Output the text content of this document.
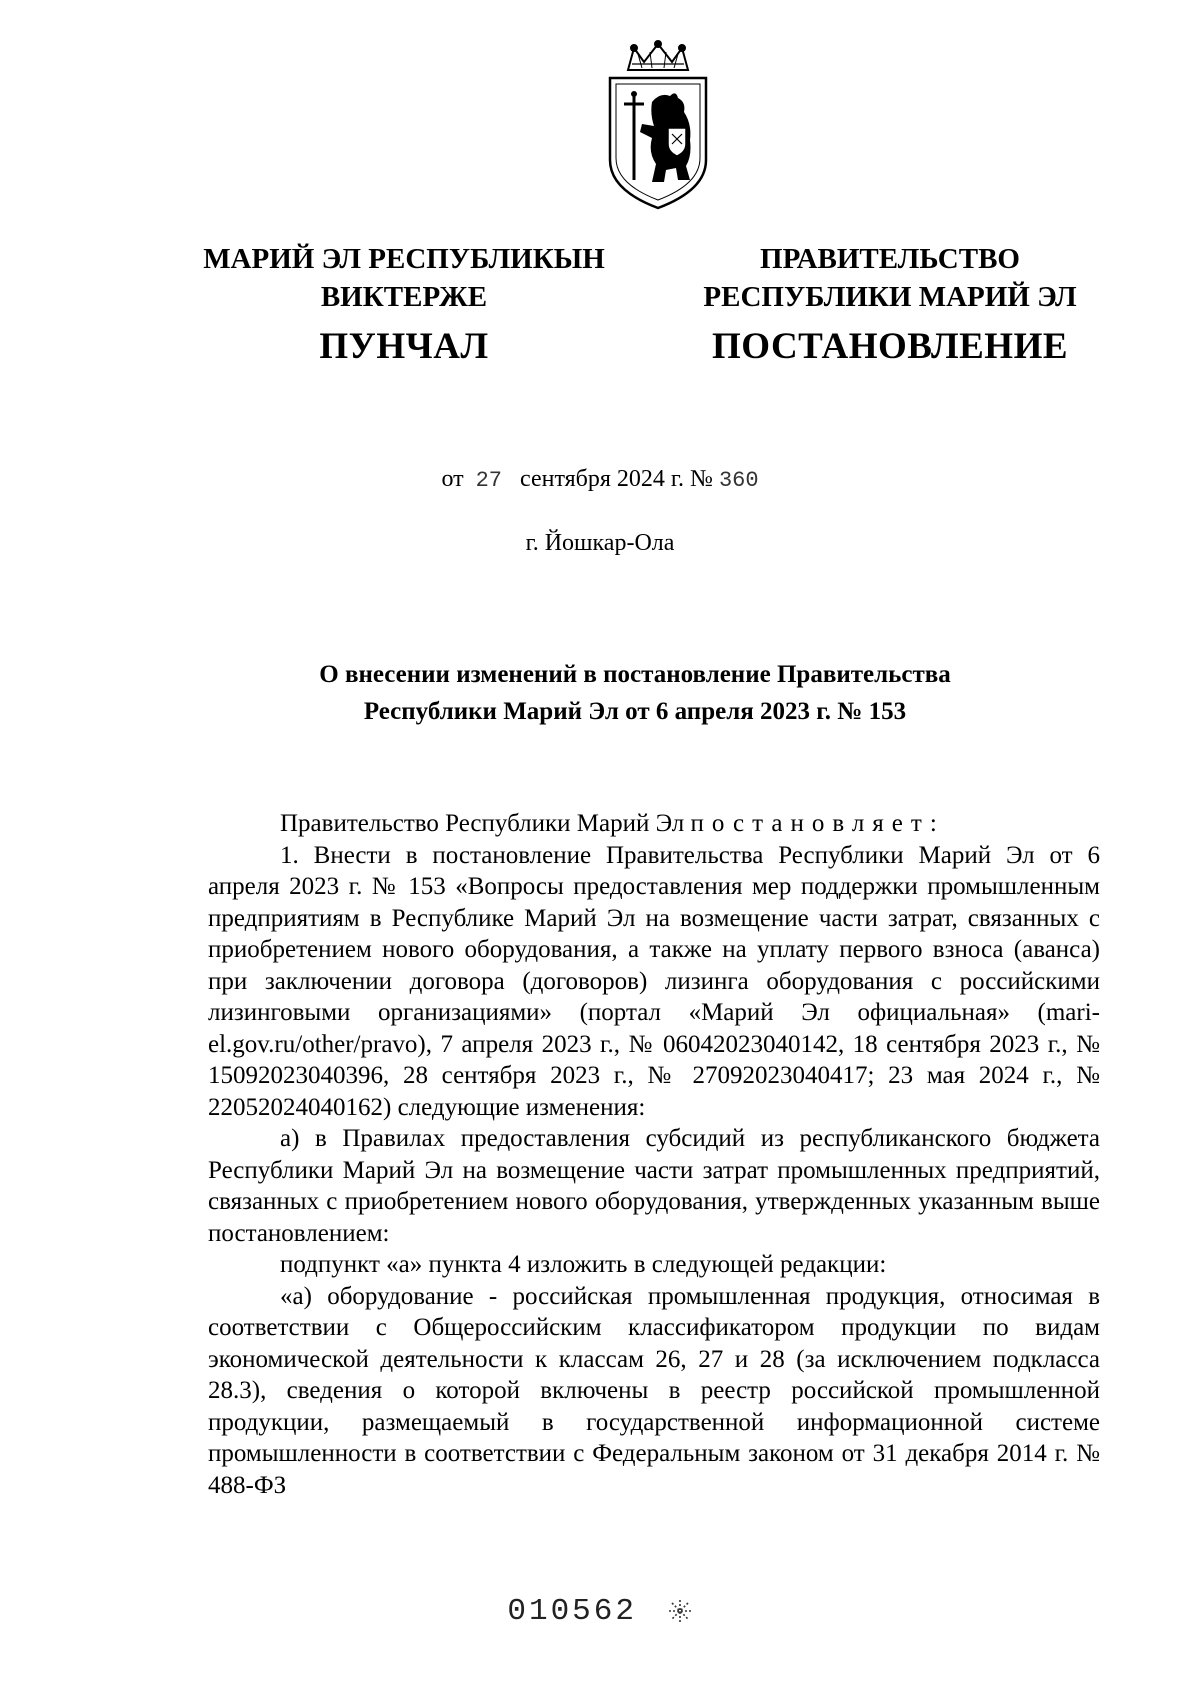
МАРИЙ ЭЛ РЕСПУБЛИКЫН
ВИКТЕРЖЕ
ПУНЧАЛ
ПРАВИТЕЛЬСТВО
РЕСПУБЛИКИ МАРИЙ ЭЛ
ПОСТАНОВЛЕНИЕ
от 27 сентября 2024 г. № 360
г. Йошкар-Ола
О внесении изменений в постановление Правительства
Республики Марий Эл от 6 апреля 2023 г. № 153

Правительство Республики Марий Эл постановляет:

1. Внести в постановление Правительства Республики Марий Эл от 6 апреля 2023 г. № 153 «Вопросы предоставления мер поддержки промышленным предприятиям в Республике Марий Эл на возмещение части затрат, связанных с приобретением нового оборудования, а также на уплату первого взноса (аванса) при заключении договора (договоров) лизинга оборудования с российскими лизинговыми организациями» (портал «Марий Эл официальная» (mari-el.gov.ru/other/pravo), 7 апреля 2023 г., № 06042023040142, 18 сентября 2023 г., № 15092023040396, 28 сентября 2023 г., № 27092023040417; 23 мая 2024 г., № 22052024040162) следующие изменения:

а) в Правилах предоставления субсидий из республиканского бюджета Республики Марий Эл на возмещение части затрат промышленных предприятий, связанных с приобретением нового оборудования, утвержденных указанным выше постановлением:

подпункт «а» пункта 4 изложить в следующей редакции:

«а) оборудование - российская промышленная продукция, относимая в соответствии с Общероссийским классификатором продукции по видам экономической деятельности к классам 26, 27 и 28 (за исключением подкласса 28.3), сведения о которой включены в реестр российской промышленной продукции, размещаемый в государственной информационной системе промышленности в соответствии с Федеральным законом от 31 декабря 2014 г. № 488-ФЗ

010562
